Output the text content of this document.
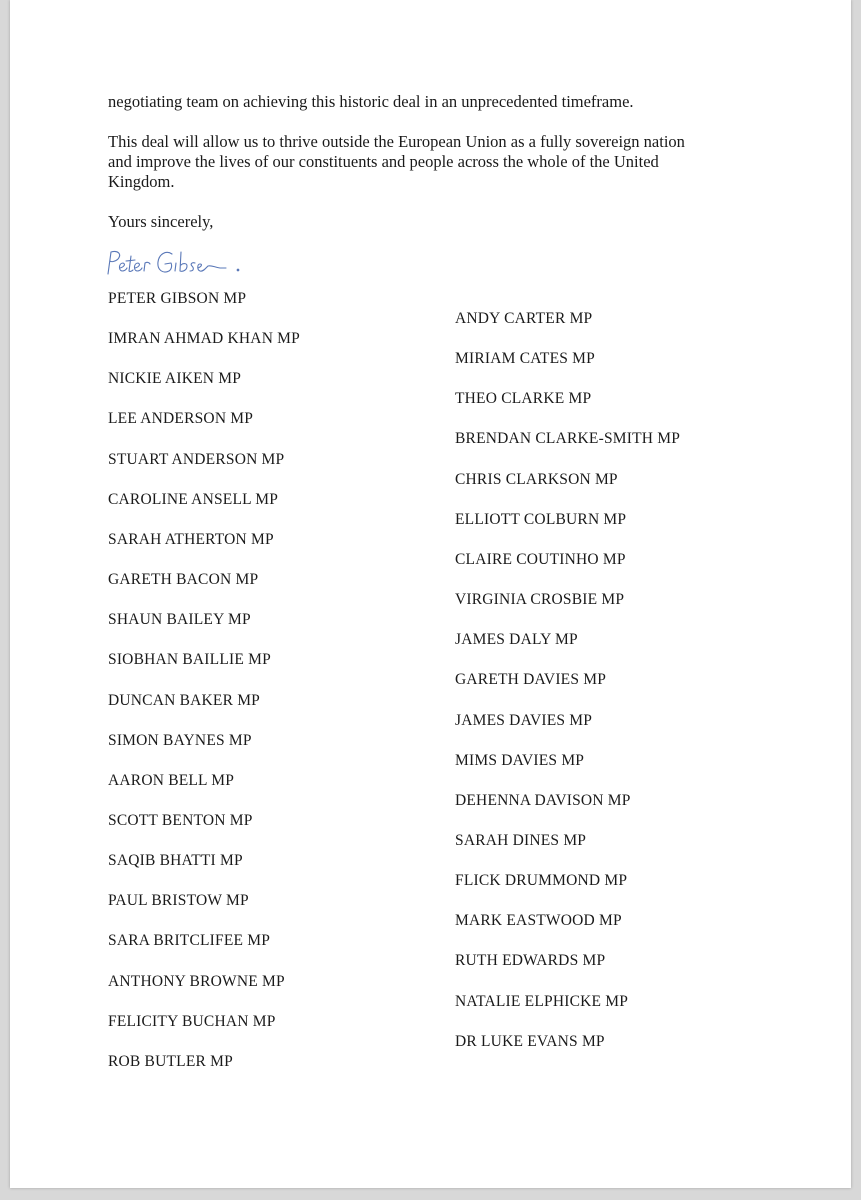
negotiating team on achieving this historic deal in an unprecedented timeframe.
This deal will allow us to thrive outside the European Union as a fully sovereign nation
and improve the lives of our constituents and people across the whole of the United
Kingdom.
Yours sincerely,
PETER GIBSON MP
IMRAN AHMAD KHAN MP
NICKIE AIKEN MP
LEE ANDERSON MP
STUART ANDERSON MP
CAROLINE ANSELL MP
SARAH ATHERTON MP
GARETH BACON MP
SHAUN BAILEY MP
SIOBHAN BAILLIE MP
DUNCAN BAKER MP
SIMON BAYNES MP
AARON BELL MP
SCOTT BENTON MP
SAQIB BHATTI MP
PAUL BRISTOW MP
SARA BRITCLIFEE MP
ANTHONY BROWNE MP
FELICITY BUCHAN MP
ROB BUTLER MP
ANDY CARTER MP
MIRIAM CATES MP
THEO CLARKE MP
BRENDAN CLARKE-SMITH MP
CHRIS CLARKSON MP
ELLIOTT COLBURN MP
CLAIRE COUTINHO MP
VIRGINIA CROSBIE MP
JAMES DALY MP
GARETH DAVIES MP
JAMES DAVIES MP
MIMS DAVIES MP
DEHENNA DAVISON MP
SARAH DINES MP
FLICK DRUMMOND MP
MARK EASTWOOD MP
RUTH EDWARDS MP
NATALIE ELPHICKE MP
DR LUKE EVANS MP
